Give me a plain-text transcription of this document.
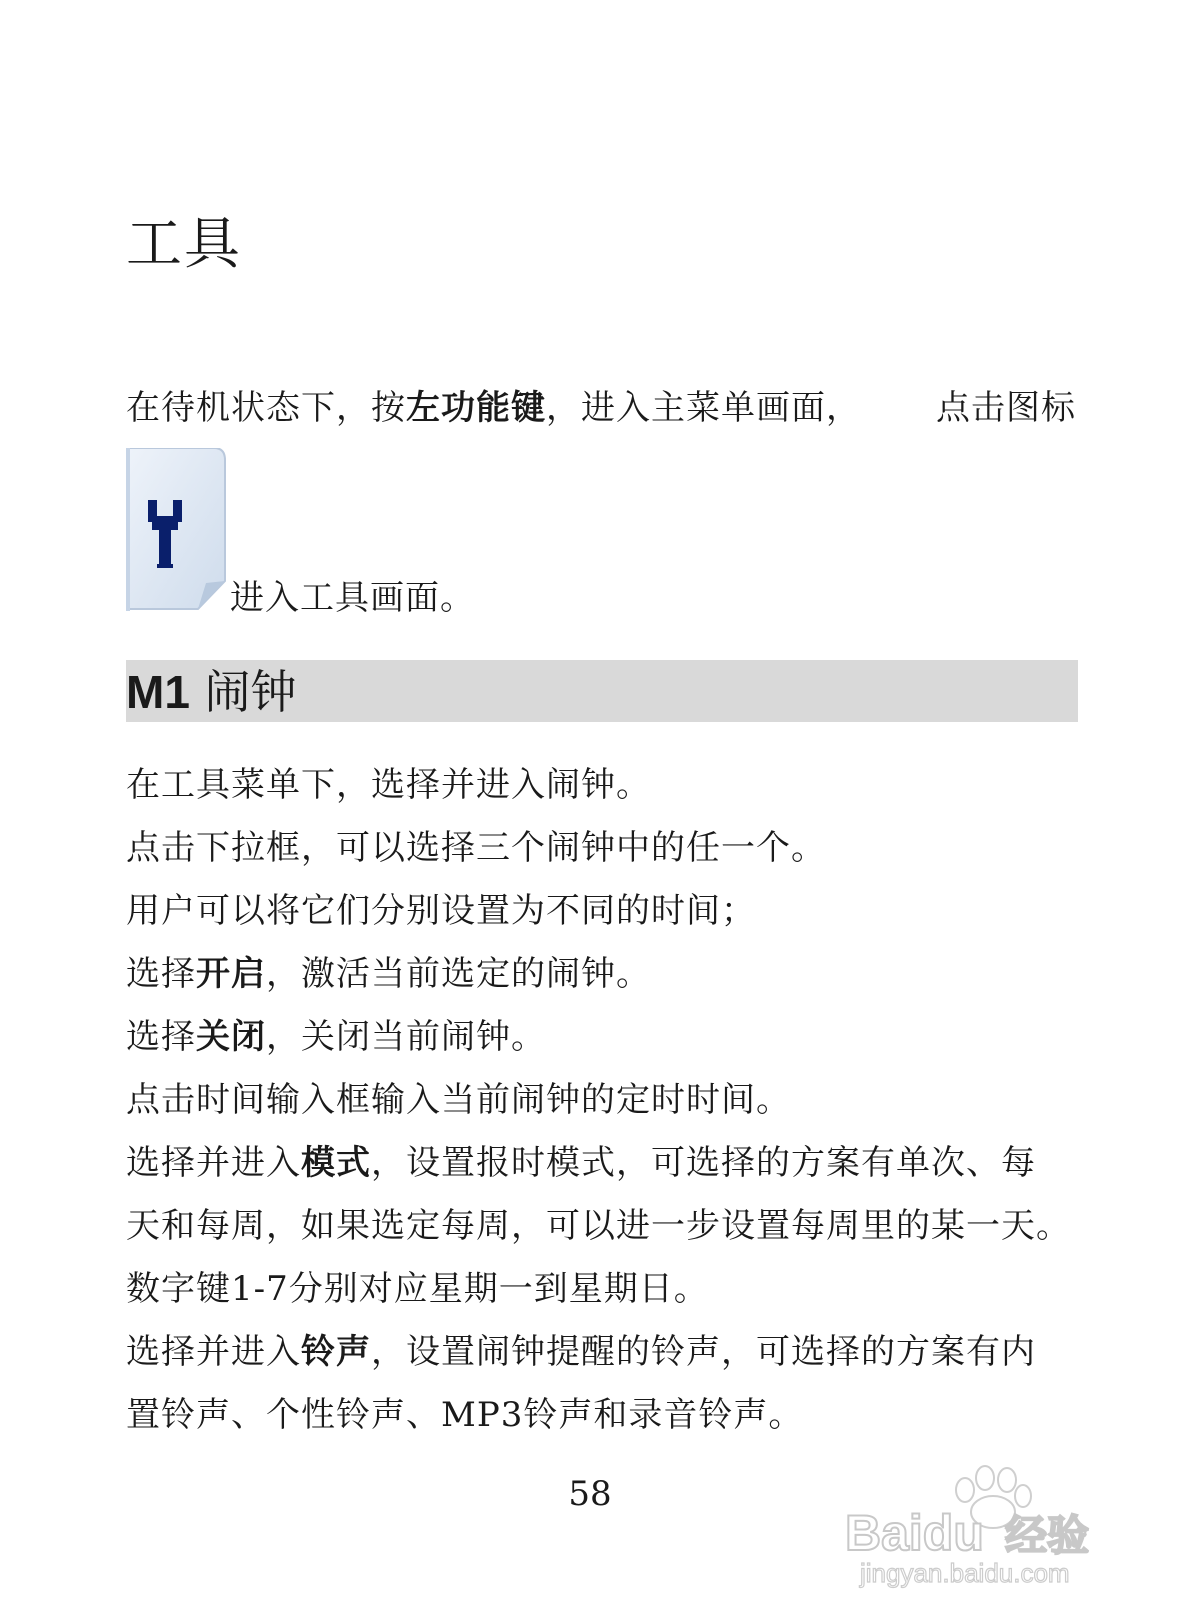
工具
在待机状态下，按左功能键，进入主菜单画面， 点击图标
进入工具画面。
M1 闹钟
在工具菜单下，选择并进入闹钟。
点击下拉框，可以选择三个闹钟中的任一个。
用户可以将它们分别设置为不同的时间；
选择开启，激活当前选定的闹钟。
选择关闭，关闭当前闹钟。
点击时间输入框输入当前闹钟的定时时间。
选择并进入模式，设置报时模式，可选择的方案有单次、每
天和每周，如果选定每周，可以进一步设置每周里的某一天。
数字键1-7分别对应星期一到星期日。
选择并进入铃声，设置闹钟提醒的铃声，可选择的方案有内
置铃声、个性铃声、MP3铃声和录音铃声。
58
Baidu 经验
jingyan.baidu.com
